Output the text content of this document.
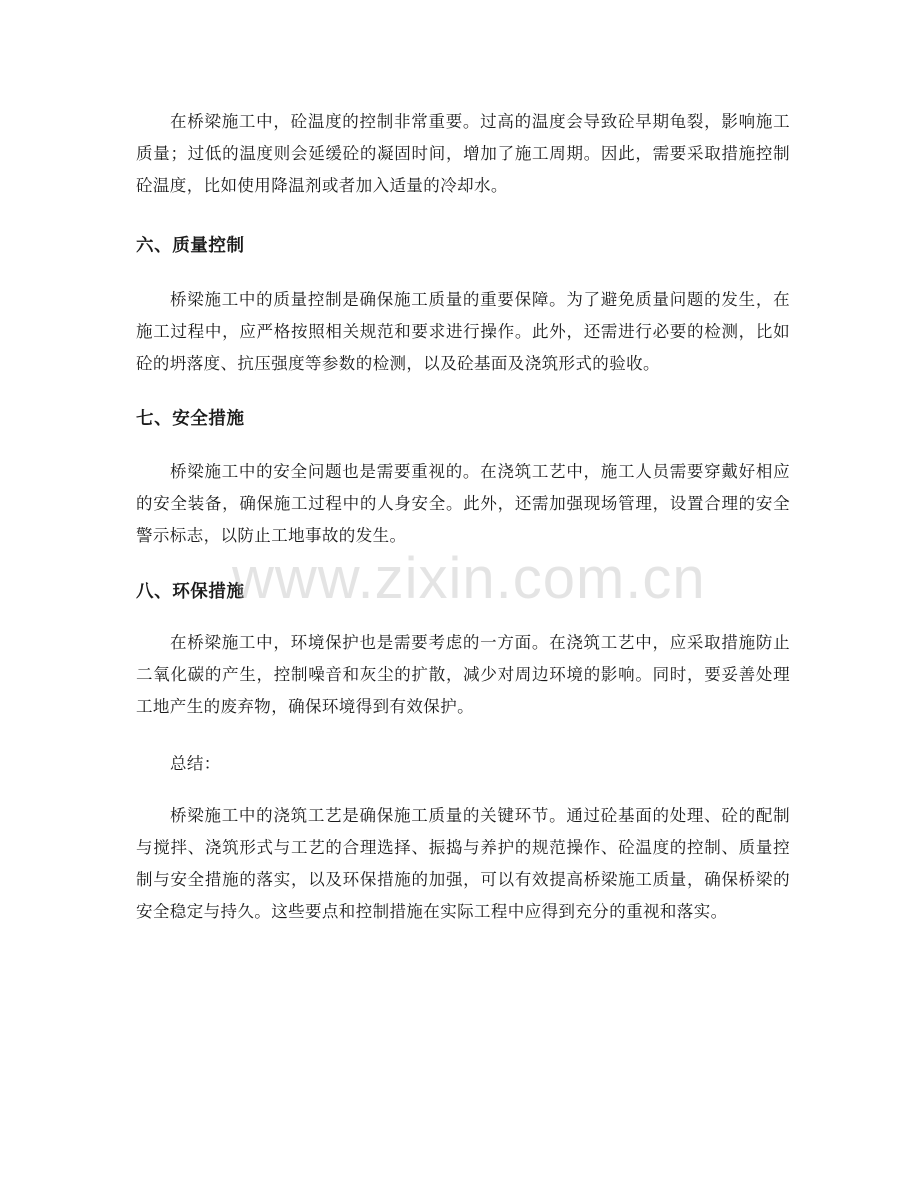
在桥梁施工中，砼温度的控制非常重要。过高的温度会导致砼早期龟裂，影响施工质量；过低的温度则会延缓砼的凝固时间，增加了施工周期。因此，需要采取措施控制砼温度，比如使用降温剂或者加入适量的冷却水。

六、质量控制

桥梁施工中的质量控制是确保施工质量的重要保障。为了避免质量问题的发生，在施工过程中，应严格按照相关规范和要求进行操作。此外，还需进行必要的检测，比如砼的坍落度、抗压强度等参数的检测，以及砼基面及浇筑形式的验收。

七、安全措施

桥梁施工中的安全问题也是需要重视的。在浇筑工艺中，施工人员需要穿戴好相应的安全装备，确保施工过程中的人身安全。此外，还需加强现场管理，设置合理的安全警示标志，以防止工地事故的发生。

八、环保措施

在桥梁施工中，环境保护也是需要考虑的一方面。在浇筑工艺中，应采取措施防止二氧化碳的产生，控制噪音和灰尘的扩散，减少对周边环境的影响。同时，要妥善处理工地产生的废弃物，确保环境得到有效保护。

总结：

桥梁施工中的浇筑工艺是确保施工质量的关键环节。通过砼基面的处理、砼的配制与搅拌、浇筑形式与工艺的合理选择、振捣与养护的规范操作、砼温度的控制、质量控制与安全措施的落实，以及环保措施的加强，可以有效提高桥梁施工质量，确保桥梁的安全稳定与持久。这些要点和控制措施在实际工程中应得到充分的重视和落实。

www.zixin.com.cn
